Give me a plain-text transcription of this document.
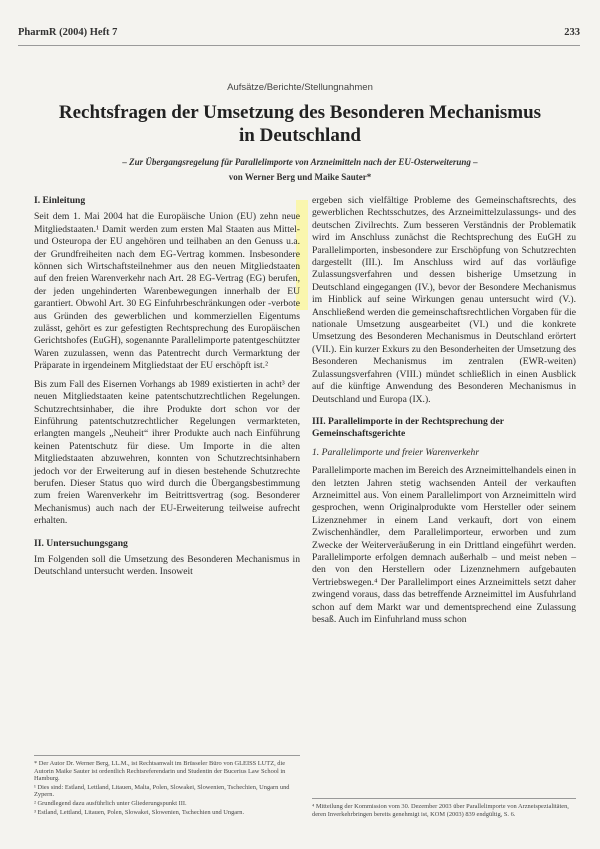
PharmR (2004) Heft 7	233
Aufsätze/Berichte/Stellungnahmen
Rechtsfragen der Umsetzung des Besonderen Mechanismus
in Deutschland
– Zur Übergangsregelung für Parallelimporte von Arzneimitteln nach der EU-Osterweiterung –
von Werner Berg und Maike Sauter*
I. Einleitung

Seit dem 1. Mai 2004 hat die Europäische Union (EU) zehn neue Mitgliedstaaten.¹ Damit werden zum ersten Mal Staaten aus Mittel- und Osteuropa der EU angehören und teilhaben an den Genuss u.a. der Grundfreiheiten nach dem EG-Vertrag kommen. Insbesondere können sich Wirtschaftsteilnehmer aus den neuen Mitgliedstaaten auf den freien Warenverkehr nach Art. 28 EG-Vertrag (EG) berufen, der jeden ungehinderten Warenbewegungen innerhalb der EU garantiert. Obwohl Art. 30 EG Einfuhrbeschränkungen oder -verbote aus Gründen des gewerblichen und kommerziellen Eigentums zulässt, gehört es zur gefestigten Rechtsprechung des Europäischen Gerichtshofes (EuGH), sogenannte Parallelimporte patentgeschützter Waren zuzulassen, wenn das Patentrecht durch Vermarktung der Präparate in irgendeinem Mitgliedstaat der EU erschöpft ist.²

Bis zum Fall des Eisernen Vorhangs ab 1989 existierten in acht³ der neuen Mitgliedstaaten keine patentschutzrechtlichen Regelungen. Schutzrechtsinhaber, die ihre Produkte dort schon vor der Einführung patentschutzrechtlicher Regelungen vermarkteten, erlangten mangels „Neuheit“ ihrer Produkte auch nach Einführung keinen Patentschutz für diese. Um Importe in die alten Mitgliedstaaten abzuwehren, konnten von Schutzrechtsinhabern jedoch vor der Erweiterung auf in diesen bestehende Schutzrechte berufen. Dieser Status quo wird durch die Übergangsbestimmung zum freien Warenverkehr im Beitrittsvertrag (sog. Besonderer Mechanismus) auch nach der EU-Erweiterung teilweise aufrecht erhalten.

II. Untersuchungsgang

Im Folgenden soll die Umsetzung des Besonderen Mechanismus in Deutschland untersucht werden. Insoweit

* Der Autor Dr. Werner Berg, LL.M., ist Rechtsanwalt im Brüsseler Büro von GLEISS LUTZ, die Autorin Maike Sauter ist ordentlich Rechtsreferendarin und Studentin der Bucerius Law School in Hamburg.

¹ Dies sind: Estland, Lettland, Litauen, Malta, Polen, Slowakei, Slowenien, Tschechien, Ungarn und Zypern.

² Grundlegend dazu ausführlich unter Gliederungspunkt III.

³ Estland, Lettland, Litauen, Polen, Slowakei, Slowenien, Tschechien und Ungarn.

ergeben sich vielfältige Probleme des Gemeinschaftsrechts, des gewerblichen Rechtsschutzes, des Arzneimittelzulassungs- und des deutschen Zivilrechts. Zum besseren Verständnis der Problematik wird im Anschluss zunächst die Rechtsprechung des EuGH zu Parallelimporten, insbesondere zur Erschöpfung von Schutzrechten dargestellt (III.). Im Anschluss wird auf das vorläufige Zulassungsverfahren und dessen bisherige Umsetzung in Deutschland eingegangen (IV.), bevor der Besondere Mechanismus im Hinblick auf seine Wirkungen genau untersucht wird (V.). Anschließend werden die gemeinschaftsrechtlichen Vorgaben für die nationale Umsetzung ausgearbeitet (VI.) und die konkrete Umsetzung des Besonderen Mechanismus in Deutschland erörtert (VII.). Ein kurzer Exkurs zu den Besonderheiten der Umsetzung des Besonderen Mechanismus im zentralen (EWR-weiten) Zulassungsverfahren (VIII.) mündet schließlich in einen Ausblick auf die künftige Anwendung des Besonderen Mechanismus in Deutschland und Europa (IX.).

III. Parallelimporte in der Rechtsprechung der Gemeinschaftsgerichte
1. Parallelimporte und freier Warenverkehr

Parallelimporte machen im Bereich des Arzneimittelhandels einen in den letzten Jahren stetig wachsenden Anteil der verkauften Arzneimittel aus. Von einem Parallelimport von Arzneimitteln wird gesprochen, wenn Originalprodukte vom Hersteller oder seinem Lizenznehmer in einem Land verkauft, dort von einem Zwischenhändler, dem Parallelimporteur, erworben und zum Zwecke der Weiterveräußerung in ein Drittland eingeführt werden. Parallelimporte erfolgen demnach außerhalb – und meist neben – den von den Herstellern oder Lizenznehmern aufgebauten Vertriebswegen.⁴ Der Parallelimport eines Arzneimittels setzt daher zwingend voraus, dass das betreffende Arzneimittel im Ausfuhrland schon auf dem Markt war und dementsprechend eine Zulassung besaß. Auch im Einfuhrland muss schon

⁴ Mitteilung der Kommission vom 30. Dezember 2003 über Parallelimporte von Arzneispezialitäten, deren Inverkehrbringen bereits genehmigt ist, KOM (2003) 839 endgültig, S. 6.
